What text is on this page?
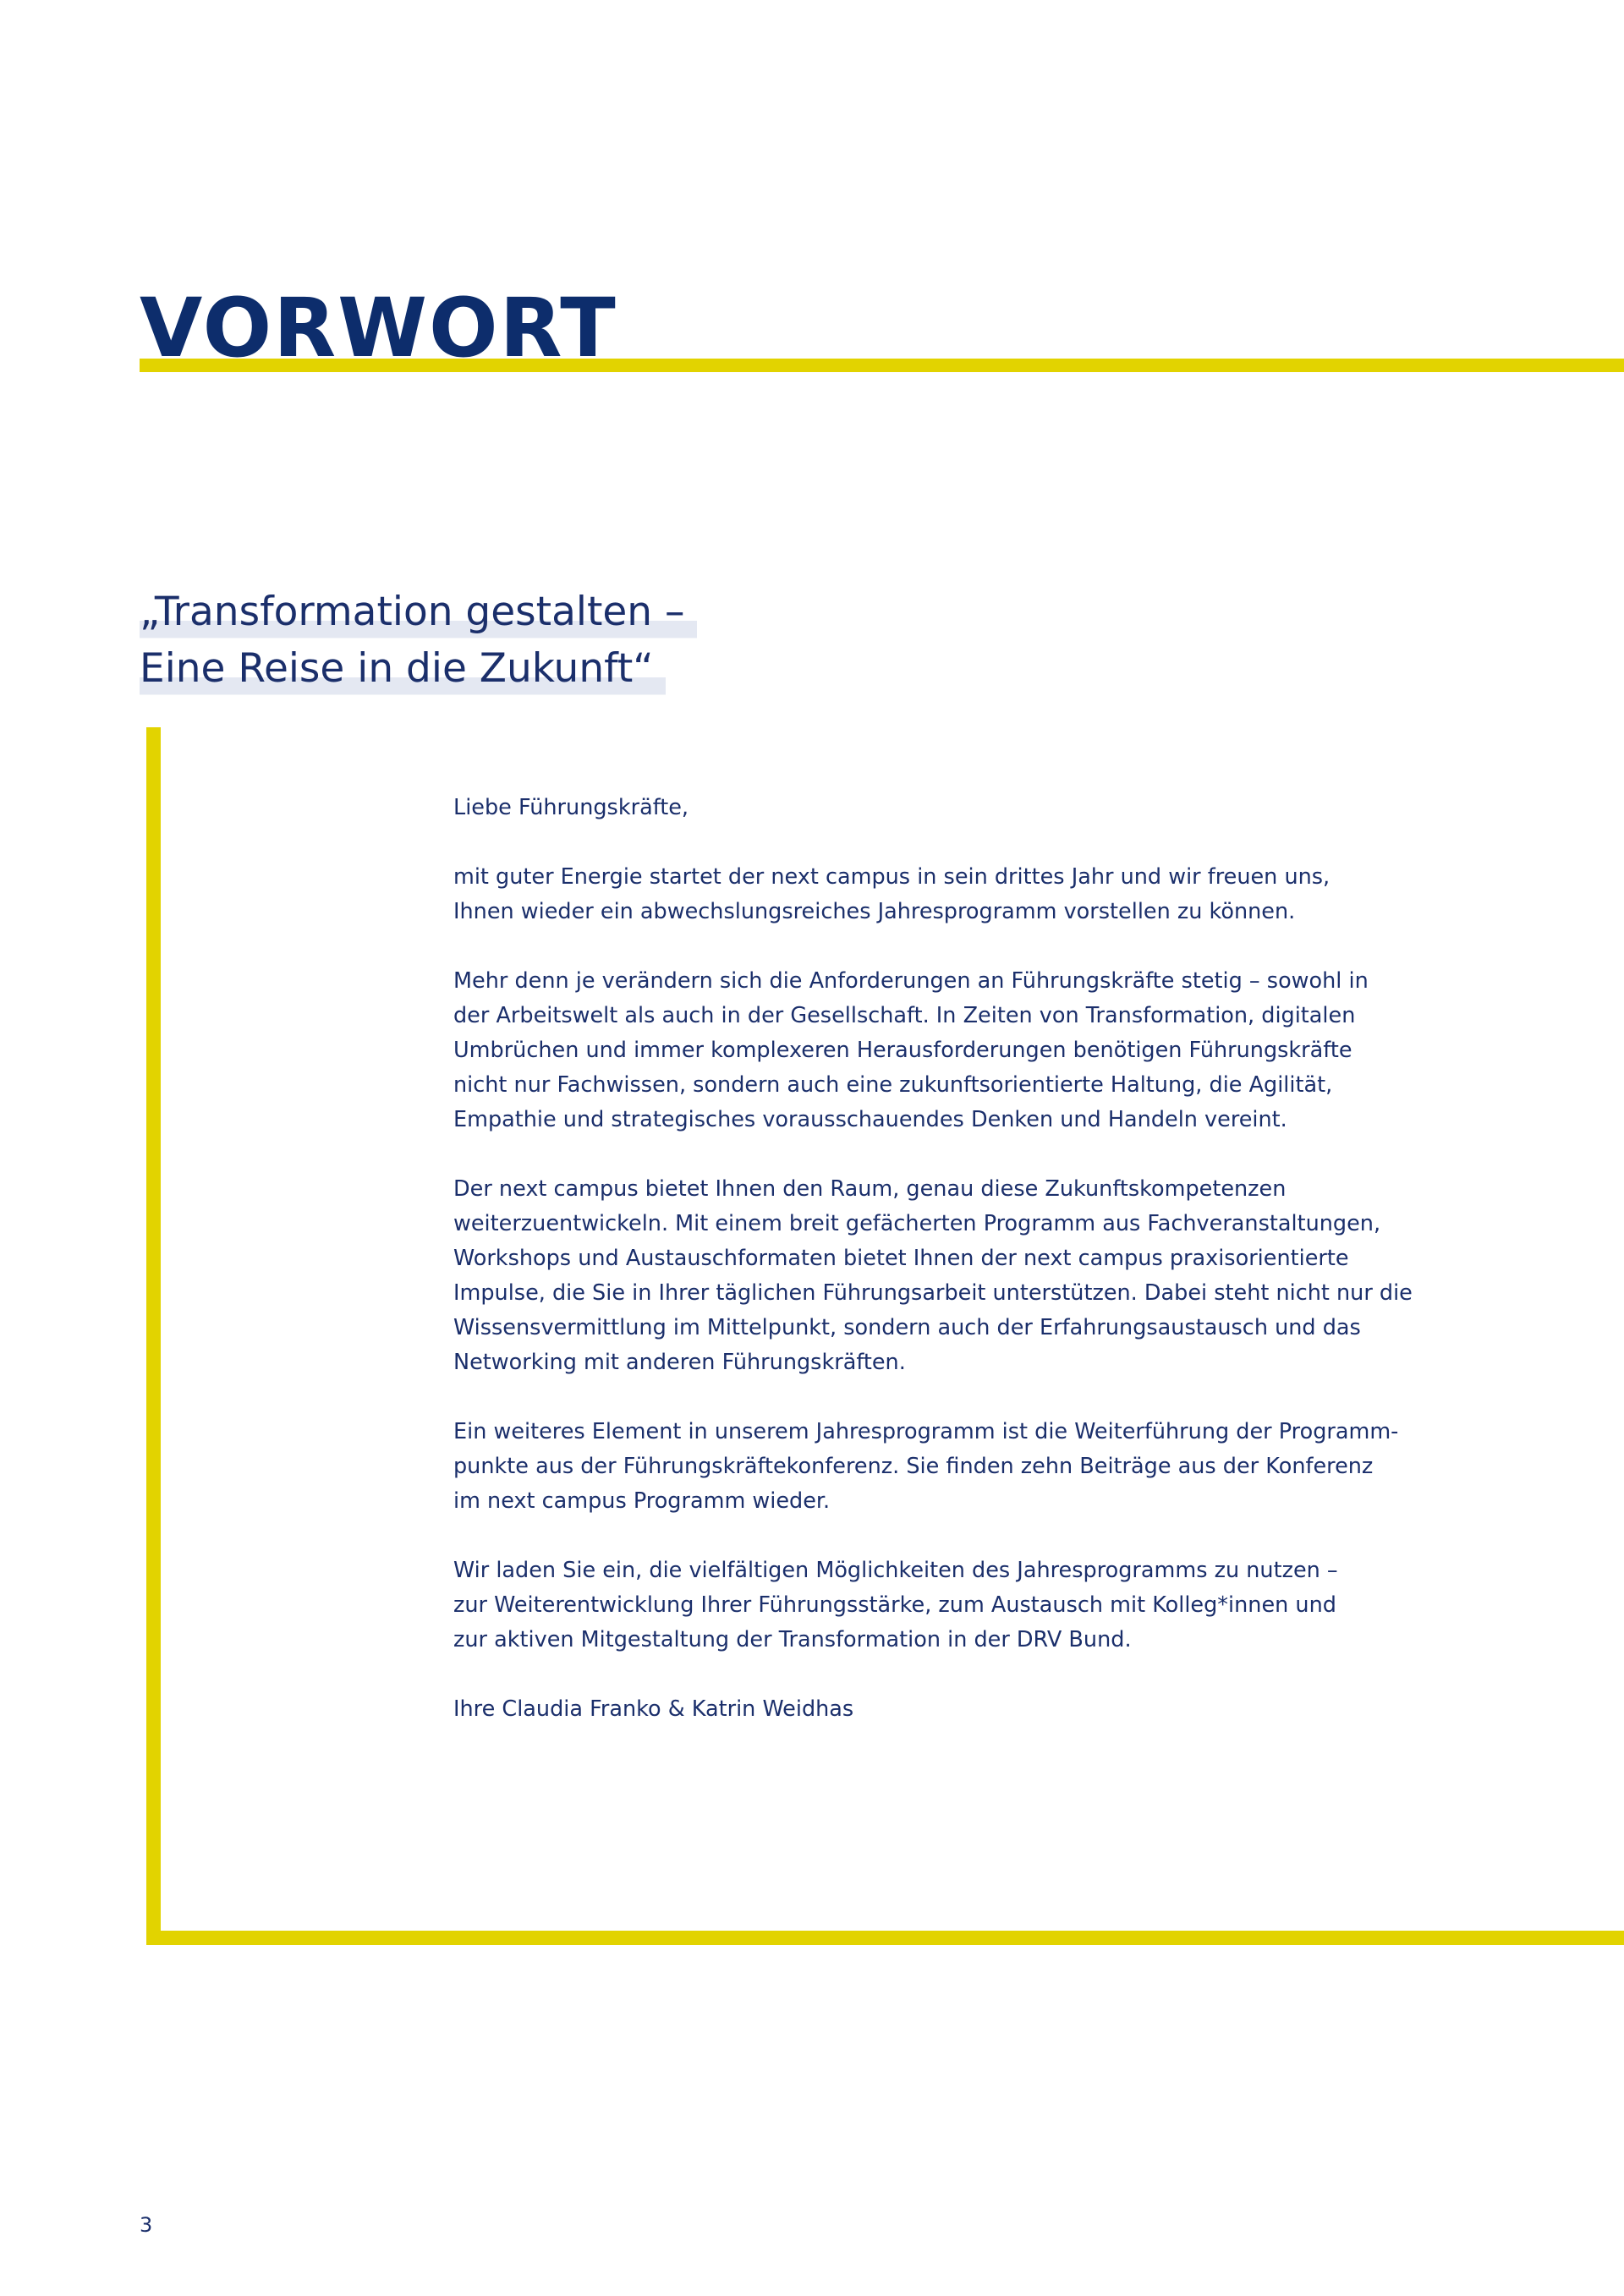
VORWORT
„Transformation gestalten –
Eine Reise in die Zukunft“

Liebe Führungskräfte,

mit guter Energie startet der next campus in sein drittes Jahr und wir freuen uns,
Ihnen wieder ein abwechslungsreiches Jahresprogramm vorstellen zu können.

Mehr denn je verändern sich die Anforderungen an Führungskräfte stetig – sowohl in
der Arbeitswelt als auch in der Gesellschaft. In Zeiten von Transformation, digitalen
Umbrüchen und immer komplexeren Herausforderungen benötigen Führungskräfte
nicht nur Fachwissen, sondern auch eine zukunftsorientierte Haltung, die Agilität,
Empathie und strategisches vorausschauendes Denken und Handeln vereint.

Der next campus bietet Ihnen den Raum, genau diese Zukunftskompetenzen
weiterzuentwickeln. Mit einem breit gefächerten Programm aus Fachveranstaltungen,
Workshops und Austauschformaten bietet Ihnen der next campus praxisorientierte
Impulse, die Sie in Ihrer täglichen Führungsarbeit unterstützen. Dabei steht nicht nur die
Wissensvermittlung im Mittelpunkt, sondern auch der Erfahrungsaustausch und das
Networking mit anderen Führungskräften.

Ein weiteres Element in unserem Jahresprogramm ist die Weiterführung der Programm-
punkte aus der Führungskräftekonferenz. Sie finden zehn Beiträge aus der Konferenz
im next campus Programm wieder.

Wir laden Sie ein, die vielfältigen Möglichkeiten des Jahresprogramms zu nutzen –
zur Weiterentwicklung Ihrer Führungsstärke, zum Austausch mit Kolleg*innen und
zur aktiven Mitgestaltung der Transformation in der DRV Bund.

Ihre Claudia Franko & Katrin Weidhas

3
